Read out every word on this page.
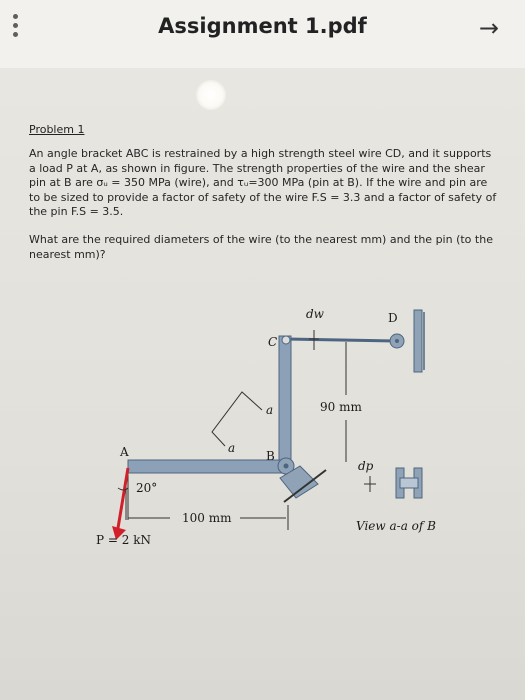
Assignment 1.pdf	→
Problem 1

An angle bracket ABC is restrained by a high strength steel wire CD, and it supports a load P at A, as shown in figure. The strength properties of the wire and the shear pin at B are σᵤ = 350 MPa (wire), and τᵤ=300 MPa (pin at B). If the wire and pin are to be sized to provide a factor of safety of the wire F.S = 3.3 and a factor of safety of the pin F.S = 3.5.

What are the required diameters of the wire (to the nearest mm) and the pin (to the nearest mm)?

dw	D
C
a
a
90 mm
A	B
dp
20°
100 mm
P = 2 kN
View a-a of B
